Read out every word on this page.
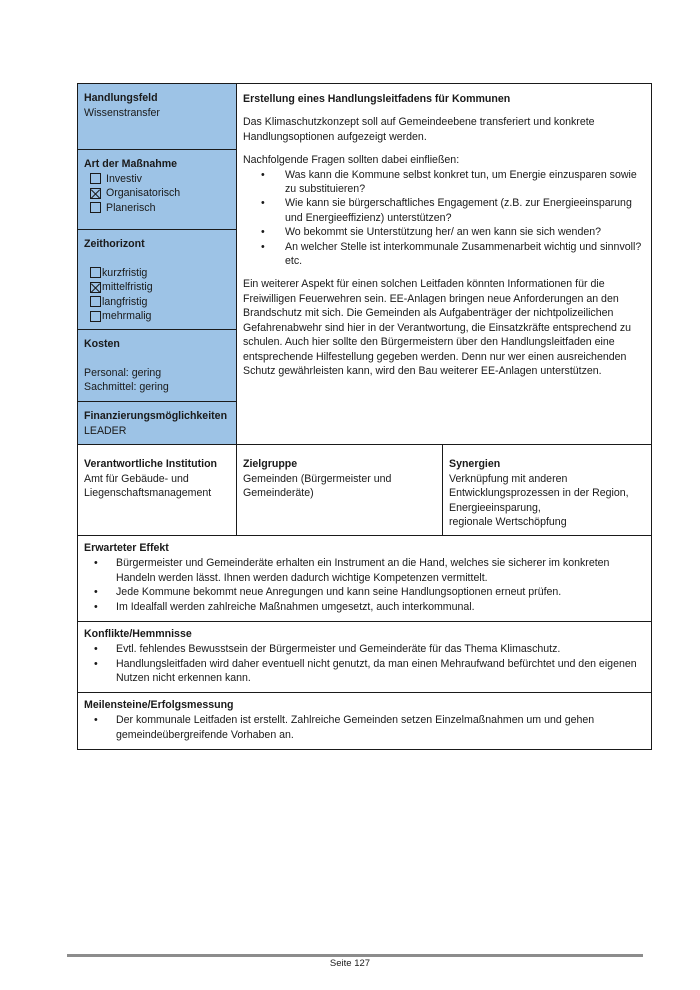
Handlungsfeld
Wissenstransfer
Art der Maßnahme
Investiv
Organisatorisch
Planerisch
Zeithorizont
kurzfristig
mittelfristig
langfristig
mehrmalig
Kosten
Personal: gering
Sachmittel: gering
Finanzierungsmöglichkeiten
LEADER
Erstellung eines Handlungsleitfadens für Kommunen
Das Klimaschutzkonzept soll auf Gemeindeebene transferiert und konkrete Handlungsoptionen aufgezeigt werden.
Nachfolgende Fragen sollten dabei einfließen:
• Was kann die Kommune selbst konkret tun, um Energie einzusparen sowie zu substituieren?
• Wie kann sie bürgerschaftliches Engagement (z.B. zur Energieeinsparung und Energieeffizienz) unterstützen?
• Wo bekommt sie Unterstützung her/ an wen kann sie sich wenden?
• An welcher Stelle ist interkommunale Zusammenarbeit wichtig und sinnvoll? etc.
Ein weiterer Aspekt für einen solchen Leitfaden könnten Informationen für die Freiwilligen Feuerwehren sein. EE-Anlagen bringen neue Anforderungen an den Brandschutz mit sich. Die Gemeinden als Aufgabenträger der nichtpolizeilichen Gefahrenabwehr sind hier in der Verantwortung, die Einsatzkräfte entsprechend zu schulen. Auch hier sollte den Bürgermeistern über den Handlungsleitfaden eine entsprechende Hilfestellung gegeben werden. Denn nur wer einen ausreichenden Schutz gewährleisten kann, wird den Bau weiterer EE-Anlagen unterstützen.
Verantwortliche Institution
Amt für Gebäude- und Liegenschaftsmanagement
Zielgruppe
Gemeinden (Bürgermeister und Gemeinderäte)
Synergien
Verknüpfung mit anderen Entwicklungsprozessen in der Region,
Energieeinsparung,
regionale Wertschöpfung
Erwarteter Effekt
• Bürgermeister und Gemeinderäte erhalten ein Instrument an die Hand, welches sie sicherer im konkreten Handeln werden lässt. Ihnen werden dadurch wichtige Kompetenzen vermittelt.
• Jede Kommune bekommt neue Anregungen und kann seine Handlungsoptionen erneut prüfen.
• Im Idealfall werden zahlreiche Maßnahmen umgesetzt, auch interkommunal.
Konflikte/Hemmnisse
• Evtl. fehlendes Bewusstsein der Bürgermeister und Gemeinderäte für das Thema Klimaschutz.
• Handlungsleitfaden wird daher eventuell nicht genutzt, da man einen Mehraufwand befürchtet und den eigenen Nutzen nicht erkennen kann.
Meilensteine/Erfolgsmessung
• Der kommunale Leitfaden ist erstellt. Zahlreiche Gemeinden setzen Einzelmaßnahmen um und gehen gemeindeübergreifende Vorhaben an.
Seite 127
